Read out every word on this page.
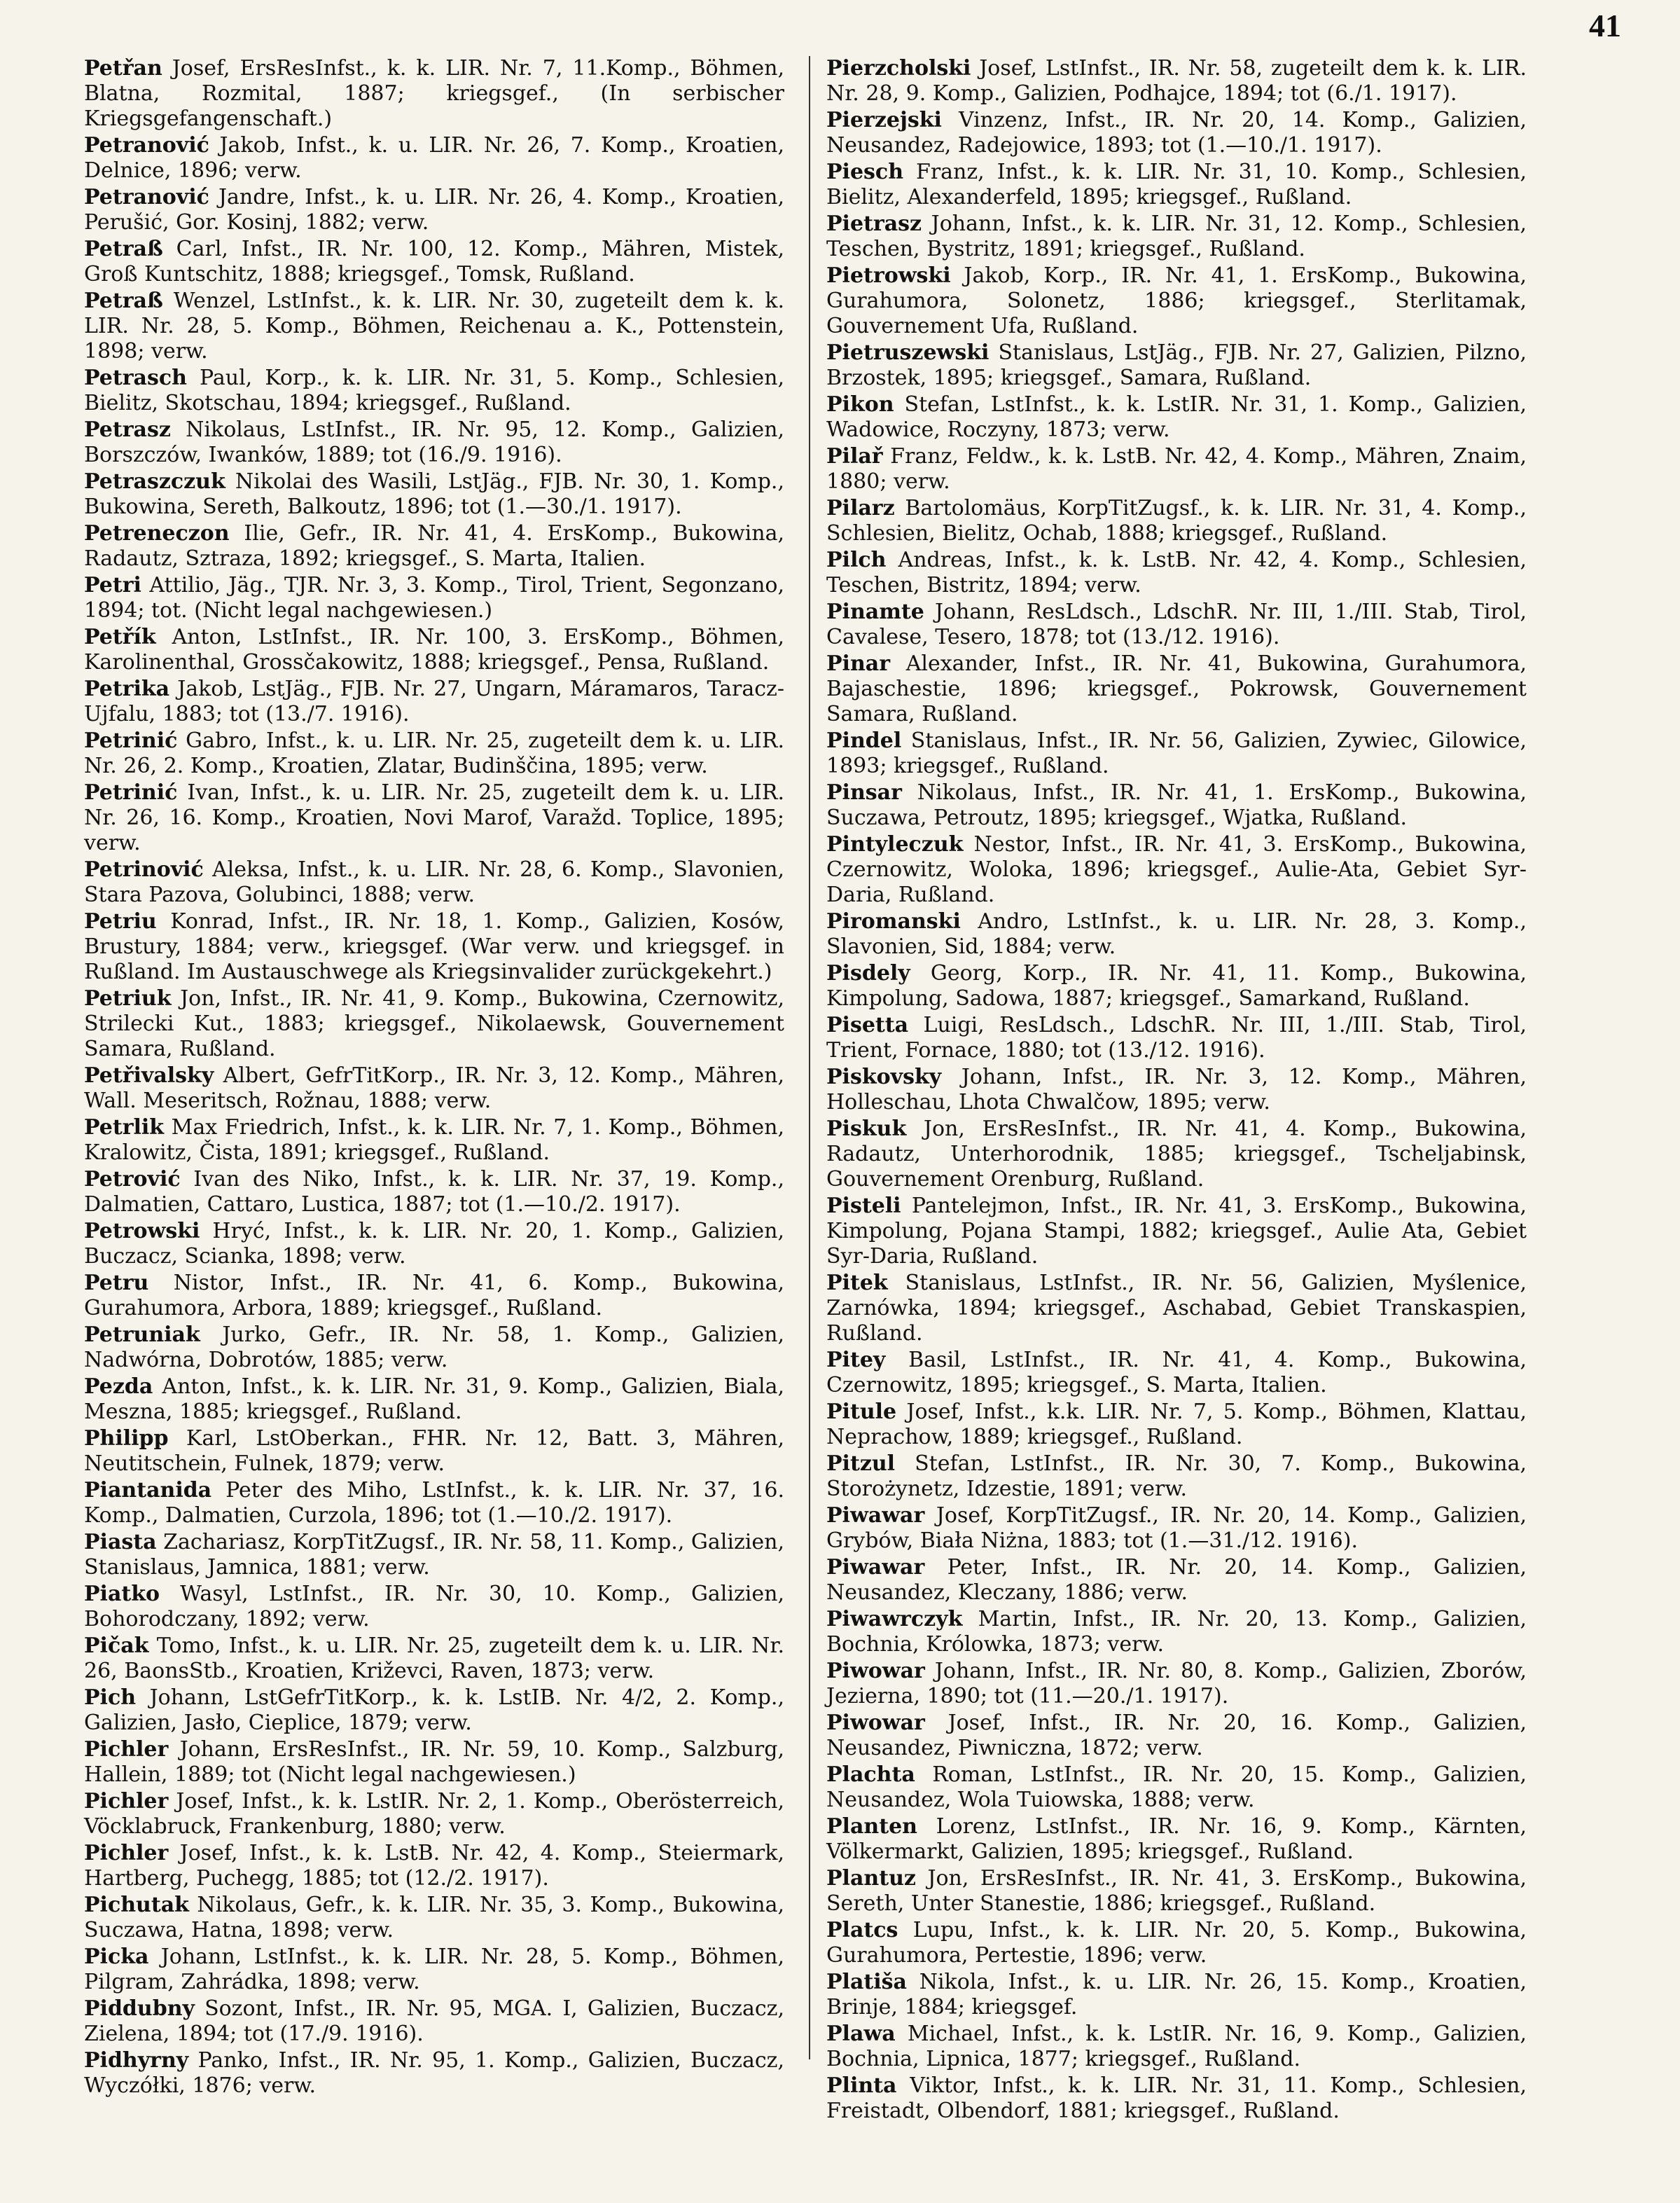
41

Petřan Josef, ErsResInfst., k. k. LIR. Nr. 7, 11.Komp., Böhmen, Blatna, Rozmital, 1887; kriegsgef., (In serbischer Kriegsgefangenschaft.)

Petranović Jakob, Infst., k. u. LIR. Nr. 26, 7. Komp., Kroatien, Delnice, 1896; verw.

Petranović Jandre, Infst., k. u. LIR. Nr. 26, 4. Komp., Kroatien, Perušić, Gor. Kosinj, 1882; verw.

Petraß Carl, Infst., IR. Nr. 100, 12. Komp., Mähren, Mistek, Groß Kuntschitz, 1888; kriegsgef., Tomsk, Rußland.

Petraß Wenzel, LstInfst., k. k. LIR. Nr. 30, zugeteilt dem k. k. LIR. Nr. 28, 5. Komp., Böhmen, Reichenau a. K., Pottenstein, 1898; verw.

Petrasch Paul, Korp., k. k. LIR. Nr. 31, 5. Komp., Schlesien, Bielitz, Skotschau, 1894; kriegsgef., Rußland.

Petrasz Nikolaus, LstInfst., IR. Nr. 95, 12. Komp., Galizien, Borszczów, Iwanków, 1889; tot (16./9. 1916).

Petraszczuk Nikolai des Wasili, LstJäg., FJB. Nr. 30, 1. Komp., Bukowina, Sereth, Balkoutz, 1896; tot (1.—30./1. 1917).

Petreneczon Ilie, Gefr., IR. Nr. 41, 4. ErsKomp., Bukowina, Radautz, Sztraza, 1892; kriegsgef., S. Marta, Italien.

Petri Attilio, Jäg., TJR. Nr. 3, 3. Komp., Tirol, Trient, Segonzano, 1894; tot. (Nicht legal nachgewiesen.)

Petřík Anton, LstInfst., IR. Nr. 100, 3. ErsKomp., Böhmen, Karolinenthal, Grossčakowitz, 1888; kriegsgef., Pensa, Rußland.

Petrika Jakob, LstJäg., FJB. Nr. 27, Ungarn, Máramaros, Taracz-Ujfalu, 1883; tot (13./7. 1916).

Petrinić Gabro, Infst., k. u. LIR. Nr. 25, zugeteilt dem k. u. LIR. Nr. 26, 2. Komp., Kroatien, Zlatar, Budinščina, 1895; verw.

Petrinić Ivan, Infst., k. u. LIR. Nr. 25, zugeteilt dem k. u. LIR. Nr. 26, 16. Komp., Kroatien, Novi Marof, Varažd. Toplice, 1895; verw.

Petrinović Aleksa, Infst., k. u. LIR. Nr. 28, 6. Komp., Slavonien, Stara Pazova, Golubinci, 1888; verw.

Petriu Konrad, Infst., IR. Nr. 18, 1. Komp., Galizien, Kosów, Brustury, 1884; verw., kriegsgef. (War verw. und kriegsgef. in Rußland. Im Austauschwege als Kriegsinvalider zurückgekehrt.)

Petriuk Jon, Infst., IR. Nr. 41, 9. Komp., Bukowina, Czernowitz, Strilecki Kut., 1883; kriegsgef., Nikolaewsk, Gouvernement Samara, Rußland.

Petřivalsky Albert, GefrTitKorp., IR. Nr. 3, 12. Komp., Mähren, Wall. Meseritsch, Rožnau, 1888; verw.

Petrlik Max Friedrich, Infst., k. k. LIR. Nr. 7, 1. Komp., Böhmen, Kralowitz, Čista, 1891; kriegsgef., Rußland.

Petrović Ivan des Niko, Infst., k. k. LIR. Nr. 37, 19. Komp., Dalmatien, Cattaro, Lustica, 1887; tot (1.—10./2. 1917).

Petrowski Hryć, Infst., k. k. LIR. Nr. 20, 1. Komp., Galizien, Buczacz, Scianka, 1898; verw.

Petru Nistor, Infst., IR. Nr. 41, 6. Komp., Bukowina, Gurahumora, Arbora, 1889; kriegsgef., Rußland.

Petruniak Jurko, Gefr., IR. Nr. 58, 1. Komp., Galizien, Nadwórna, Dobrotów, 1885; verw.

Pezda Anton, Infst., k. k. LIR. Nr. 31, 9. Komp., Galizien, Biala, Meszna, 1885; kriegsgef., Rußland.

Philipp Karl, LstOberkan., FHR. Nr. 12, Batt. 3, Mähren, Neutitschein, Fulnek, 1879; verw.

Piantanida Peter des Miho, LstInfst., k. k. LIR. Nr. 37, 16. Komp., Dalmatien, Curzola, 1896; tot (1.—10./2. 1917).

Piasta Zachariasz, KorpTitZugsf., IR. Nr. 58, 11. Komp., Galizien, Stanislaus, Jamnica, 1881; verw.

Piatko Wasyl, LstInfst., IR. Nr. 30, 10. Komp., Galizien, Bohorodczany, 1892; verw.

Pičak Tomo, Infst., k. u. LIR. Nr. 25, zugeteilt dem k. u. LIR. Nr. 26, BaonsStb., Kroatien, Križevci, Raven, 1873; verw.

Pich Johann, LstGefrTitKorp., k. k. LstIB. Nr. 4/2, 2. Komp., Galizien, Jasło, Cieplice, 1879; verw.

Pichler Johann, ErsResInfst., IR. Nr. 59, 10. Komp., Salzburg, Hallein, 1889; tot (Nicht legal nachgewiesen.)

Pichler Josef, Infst., k. k. LstIR. Nr. 2, 1. Komp., Oberösterreich, Vöcklabruck, Frankenburg, 1880; verw.

Pichler Josef, Infst., k. k. LstB. Nr. 42, 4. Komp., Steiermark, Hartberg, Puchegg, 1885; tot (12./2. 1917).

Pichutak Nikolaus, Gefr., k. k. LIR. Nr. 35, 3. Komp., Bukowina, Suczawa, Hatna, 1898; verw.

Picka Johann, LstInfst., k. k. LIR. Nr. 28, 5. Komp., Böhmen, Pilgram, Zahrádka, 1898; verw.

Piddubny Sozont, Infst., IR. Nr. 95, MGA. I, Galizien, Buczacz, Zielena, 1894; tot (17./9. 1916).

Pidhyrny Panko, Infst., IR. Nr. 95, 1. Komp., Galizien, Buczacz, Wyczółki, 1876; verw.

Pierzcholski Josef, LstInfst., IR. Nr. 58, zugeteilt dem k. k. LIR. Nr. 28, 9. Komp., Galizien, Podhajce, 1894; tot (6./1. 1917).

Pierzejski Vinzenz, Infst., IR. Nr. 20, 14. Komp., Galizien, Neusandez, Radejowice, 1893; tot (1.—10./1. 1917).

Piesch Franz, Infst., k. k. LIR. Nr. 31, 10. Komp., Schlesien, Bielitz, Alexanderfeld, 1895; kriegsgef., Rußland.

Pietrasz Johann, Infst., k. k. LIR. Nr. 31, 12. Komp., Schlesien, Teschen, Bystritz, 1891; kriegsgef., Rußland.

Pietrowski Jakob, Korp., IR. Nr. 41, 1. ErsKomp., Bukowina, Gurahumora, Solonetz, 1886; kriegsgef., Sterlitamak, Gouvernement Ufa, Rußland.

Pietruszewski Stanislaus, LstJäg., FJB. Nr. 27, Galizien, Pilzno, Brzostek, 1895; kriegsgef., Samara, Rußland.

Pikon Stefan, LstInfst., k. k. LstIR. Nr. 31, 1. Komp., Galizien, Wadowice, Roczyny, 1873; verw.

Pilař Franz, Feldw., k. k. LstB. Nr. 42, 4. Komp., Mähren, Znaim, 1880; verw.

Pilarz Bartolomäus, KorpTitZugsf., k. k. LIR. Nr. 31, 4. Komp., Schlesien, Bielitz, Ochab, 1888; kriegsgef., Rußland.

Pilch Andreas, Infst., k. k. LstB. Nr. 42, 4. Komp., Schlesien, Teschen, Bistritz, 1894; verw.

Pinamte Johann, ResLdsch., LdschR. Nr. III, 1./III. Stab, Tirol, Cavalese, Tesero, 1878; tot (13./12. 1916).

Pinar Alexander, Infst., IR. Nr. 41, Bukowina, Gurahumora, Bajaschestie, 1896; kriegsgef., Pokrowsk, Gouvernement Samara, Rußland.

Pindel Stanislaus, Infst., IR. Nr. 56, Galizien, Zywiec, Gilowice, 1893; kriegsgef., Rußland.

Pinsar Nikolaus, Infst., IR. Nr. 41, 1. ErsKomp., Bukowina, Suczawa, Petroutz, 1895; kriegsgef., Wjatka, Rußland.

Pintyleczuk Nestor, Infst., IR. Nr. 41, 3. ErsKomp., Bukowina, Czernowitz, Woloka, 1896; kriegsgef., Aulie-Ata, Gebiet Syr-Daria, Rußland.

Piromanski Andro, LstInfst., k. u. LIR. Nr. 28, 3. Komp., Slavonien, Sid, 1884; verw.

Pisdely Georg, Korp., IR. Nr. 41, 11. Komp., Bukowina, Kimpolung, Sadowa, 1887; kriegsgef., Samarkand, Rußland.

Pisetta Luigi, ResLdsch., LdschR. Nr. III, 1./III. Stab, Tirol, Trient, Fornace, 1880; tot (13./12. 1916).

Piskovsky Johann, Infst., IR. Nr. 3, 12. Komp., Mähren, Holleschau, Lhota Chwalčow, 1895; verw.

Piskuk Jon, ErsResInfst., IR. Nr. 41, 4. Komp., Bukowina, Radautz, Unterhorodnik, 1885; kriegsgef., Tscheljabinsk, Gouvernement Orenburg, Rußland.

Pisteli Pantelejmon, Infst., IR. Nr. 41, 3. ErsKomp., Bukowina, Kimpolung, Pojana Stampi, 1882; kriegsgef., Aulie Ata, Gebiet Syr-Daria, Rußland.

Pitek Stanislaus, LstInfst., IR. Nr. 56, Galizien, Myślenice, Zarnówka, 1894; kriegsgef., Aschabad, Gebiet Transkaspien, Rußland.

Pitey Basil, LstInfst., IR. Nr. 41, 4. Komp., Bukowina, Czernowitz, 1895; kriegsgef., S. Marta, Italien.

Pitule Josef, Infst., k.k. LIR. Nr. 7, 5. Komp., Böhmen, Klattau, Neprachow, 1889; kriegsgef., Rußland.

Pitzul Stefan, LstInfst., IR. Nr. 30, 7. Komp., Bukowina, Storożynetz, Idzestie, 1891; verw.

Piwawar Josef, KorpTitZugsf., IR. Nr. 20, 14. Komp., Galizien, Grybów, Biała Niżna, 1883; tot (1.—31./12. 1916).

Piwawar Peter, Infst., IR. Nr. 20, 14. Komp., Galizien, Neusandez, Kleczany, 1886; verw.

Piwawrczyk Martin, Infst., IR. Nr. 20, 13. Komp., Galizien, Bochnia, Królowka, 1873; verw.

Piwowar Johann, Infst., IR. Nr. 80, 8. Komp., Galizien, Zborów, Jezierna, 1890; tot (11.—20./1. 1917).

Piwowar Josef, Infst., IR. Nr. 20, 16. Komp., Galizien, Neusandez, Piwniczna, 1872; verw.

Plachta Roman, LstInfst., IR. Nr. 20, 15. Komp., Galizien, Neusandez, Wola Tuiowska, 1888; verw.

Planten Lorenz, LstInfst., IR. Nr. 16, 9. Komp., Kärnten, Völkermarkt, Galizien, 1895; kriegsgef., Rußland.

Plantuz Jon, ErsResInfst., IR. Nr. 41, 3. ErsKomp., Bukowina, Sereth, Unter Stanestie, 1886; kriegsgef., Rußland.

Platcs Lupu, Infst., k. k. LIR. Nr. 20, 5. Komp., Bukowina, Gurahumora, Pertestie, 1896; verw.

Platiša Nikola, Infst., k. u. LIR. Nr. 26, 15. Komp., Kroatien, Brinje, 1884; kriegsgef.

Plawa Michael, Infst., k. k. LstIR. Nr. 16, 9. Komp., Galizien, Bochnia, Lipnica, 1877; kriegsgef., Rußland.

Plinta Viktor, Infst., k. k. LIR. Nr. 31, 11. Komp., Schlesien, Freistadt, Olbendorf, 1881; kriegsgef., Rußland.
